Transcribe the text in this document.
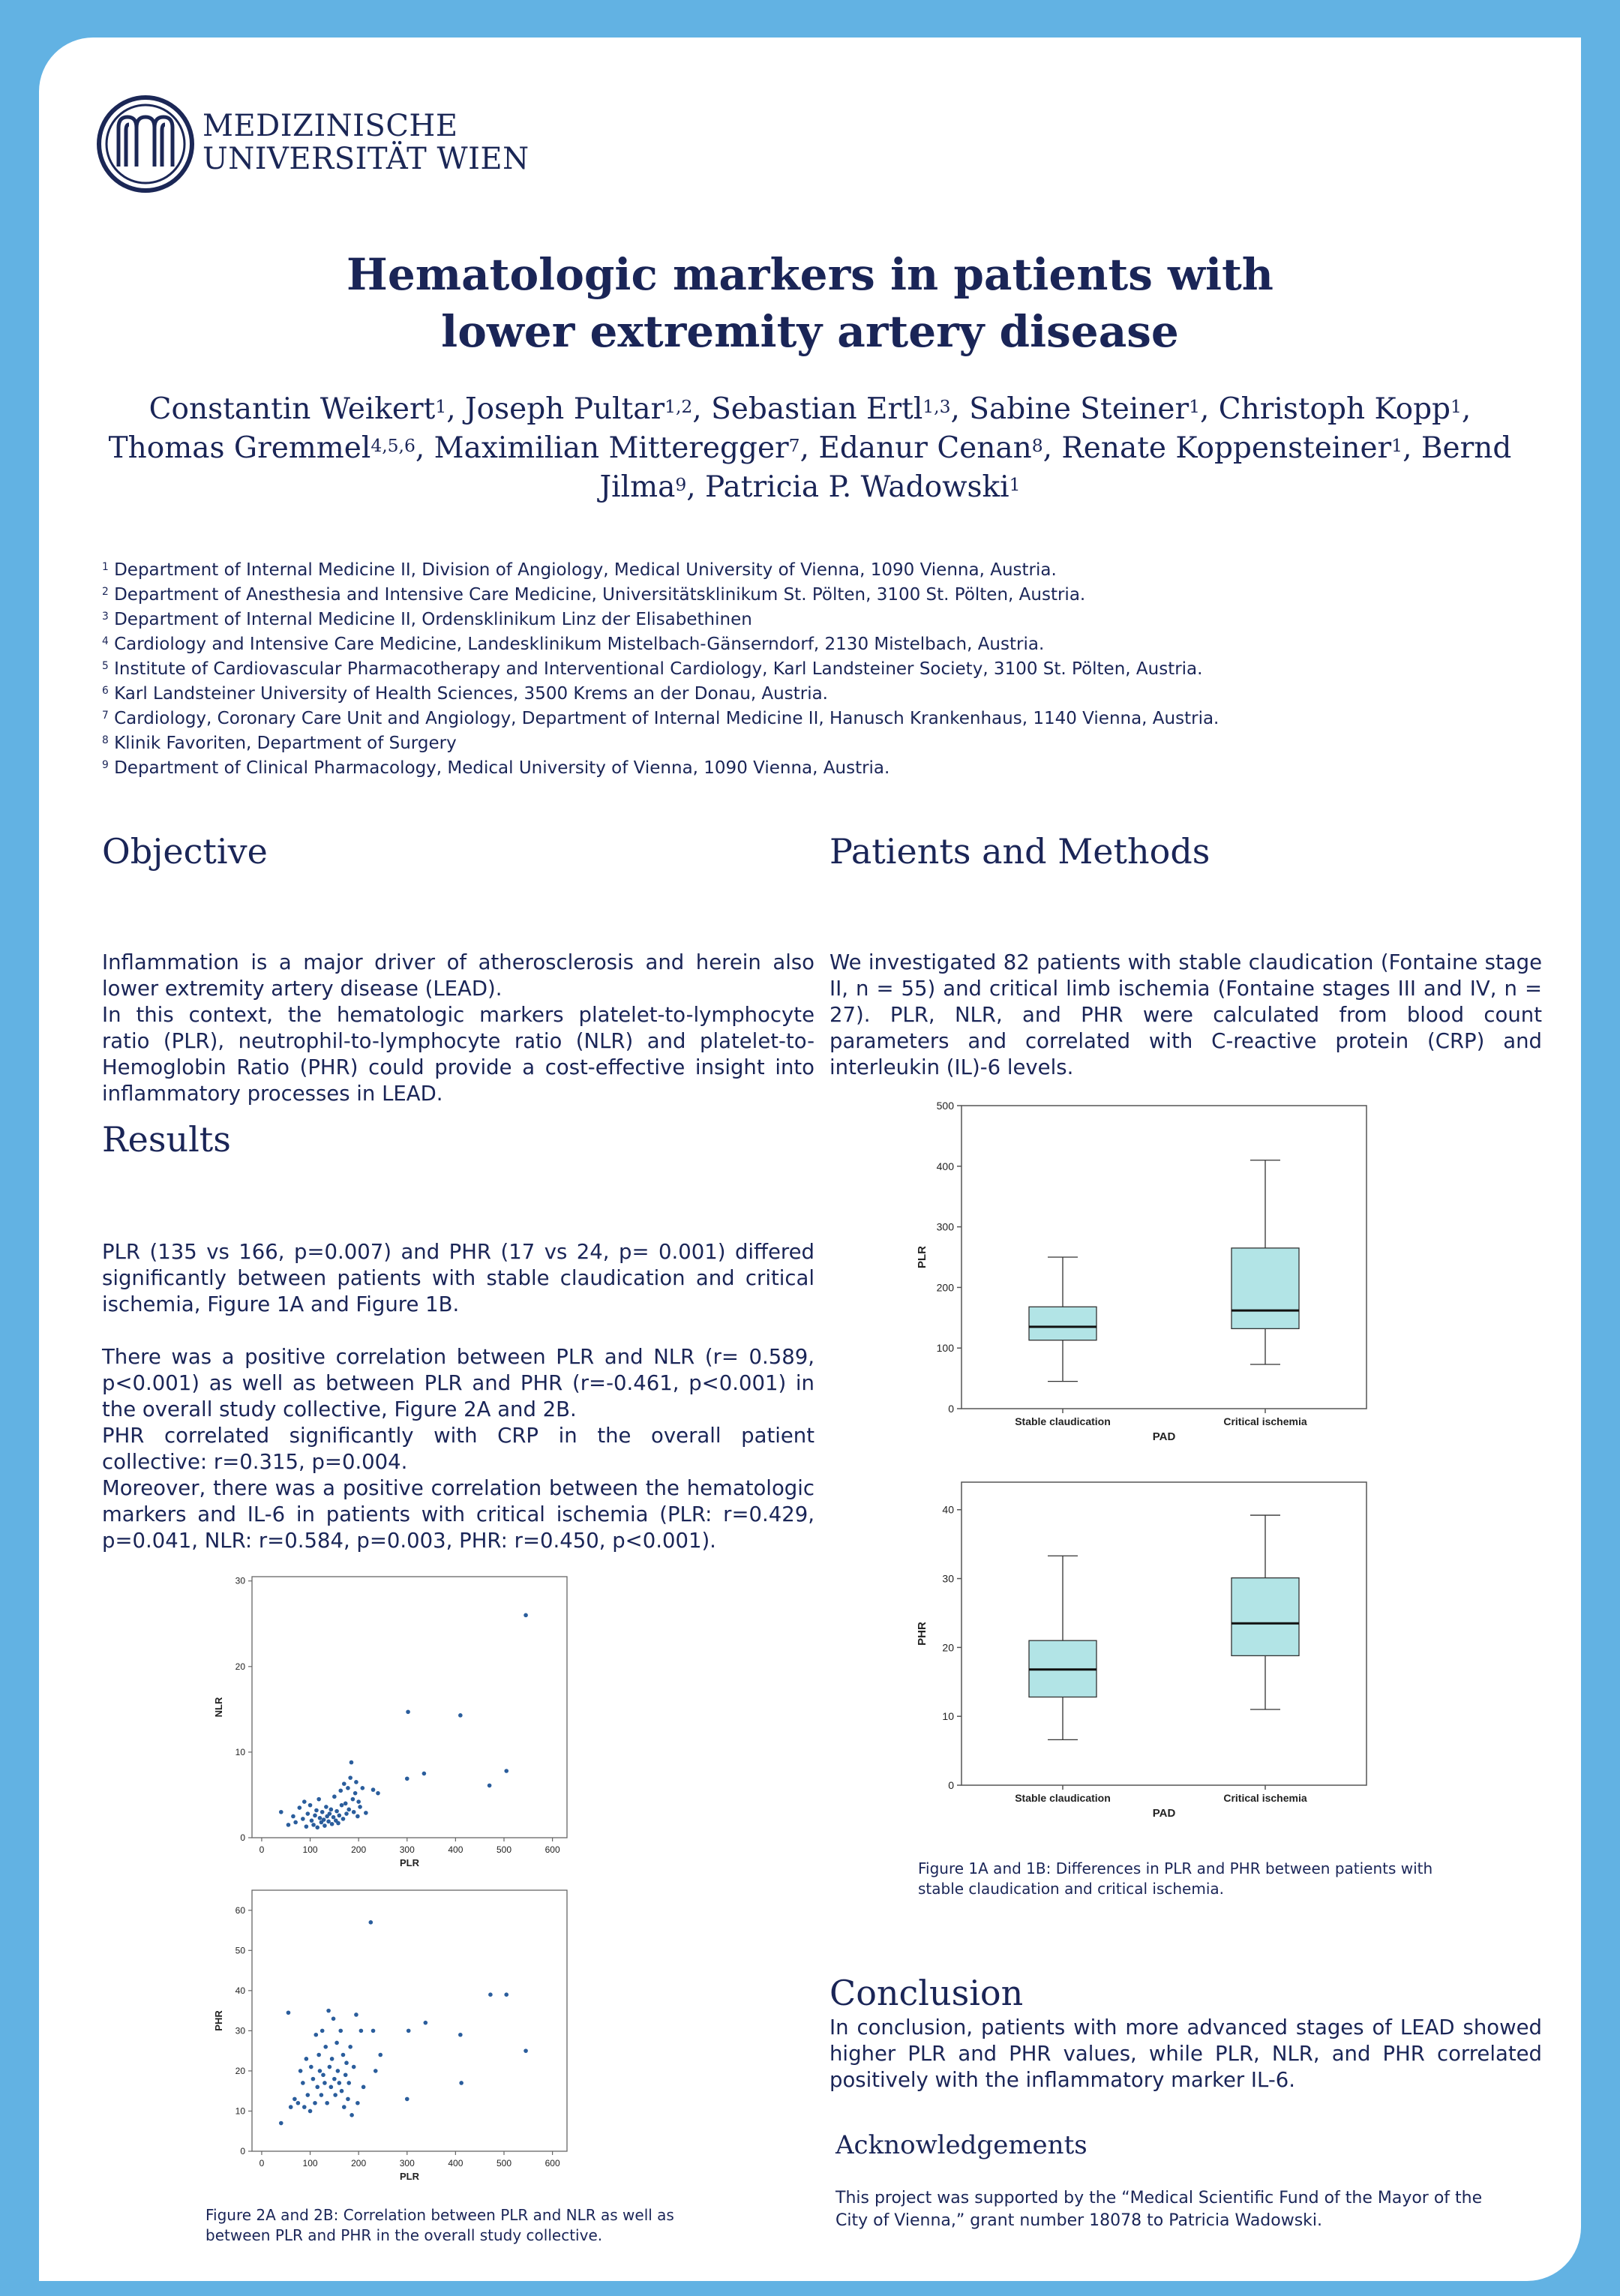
MEDIZINISCHE
UNIVERSITÄT WIEN
Hematologic markers in patients with
lower extremity artery disease
Constantin Weikert$^1$, Joseph Pultar$^{1,2}$, Sebastian Ertl$^{1,3}$, Sabine Steiner$^1$, Christoph Kopp$^1$, Thomas Gremmel$^{4,5,6}$, Maximilian Mitteregger$^7$, Edanur Cenan$^8$, Renate Koppensteiner$^1$, Bernd Jilma$^9$, Patricia P. Wadowski$^1$
$^1$ Department of Internal Medicine II, Division of Angiology, Medical University of Vienna, 1090 Vienna, Austria.
$^2$ Department of Anesthesia and Intensive Care Medicine, Universitätsklinikum St. Pölten, 3100 St. Pölten, Austria.
$^3$ Department of Internal Medicine II, Ordensklinikum Linz der Elisabethinen
$^4$ Cardiology and Intensive Care Medicine, Landesklinikum Mistelbach-Gänserndorf, 2130 Mistelbach, Austria.
$^5$ Institute of Cardiovascular Pharmacotherapy and Interventional Cardiology, Karl Landsteiner Society, 3100 St. Pölten, Austria.
$^6$ Karl Landsteiner University of Health Sciences, 3500 Krems an der Donau, Austria.
$^7$ Cardiology, Coronary Care Unit and Angiology, Department of Internal Medicine II, Hanusch Krankenhaus, 1140 Vienna, Austria.
$^8$ Klinik Favoriten, Department of Surgery
$^9$ Department of Clinical Pharmacology, Medical University of Vienna, 1090 Vienna, Austria.
Objective
Inflammation is a major driver of atherosclerosis and herein also lower extremity artery disease (LEAD).
In this context, the hematologic markers platelet-to-lymphocyte ratio (PLR), neutrophil-to-lymphocyte ratio (NLR) and platelet-to-Hemoglobin Ratio (PHR) could provide a cost-effective insight into inflammatory processes in LEAD.
Patients and Methods
We investigated 82 patients with stable claudication (Fontaine stage II, n = 55) and critical limb ischemia (Fontaine stages III and IV, n = 27). PLR, NLR, and PHR were calculated from blood count parameters and correlated with C-reactive protein (CRP) and interleukin (IL)-6 levels.
Results
PLR (135 vs 166, p=0.007) and PHR (17 vs 24, p= 0.001) differed significantly between patients with stable claudication and critical ischemia, Figure 1A and Figure 1B.
There was a positive correlation between PLR and NLR (r= 0.589, p<0.001) as well as between PLR and PHR (r=-0.461, p<0.001) in the overall study collective, Figure 2A and 2B.
PHR correlated significantly with CRP in the overall patient collective: r=0.315, p=0.004.
Moreover, there was a positive correlation between the hematologic markers and IL-6 in patients with critical ischemia (PLR: r=0.429, p=0.041, NLR: r=0.584, p=0.003, PHR: r=0.450, p<0.001).
0
100
200
300
400
500
Stable claudication	Critical ischemia
PAD
PLR
0
10
20
30
40
Stable claudication	Critical ischemia
PAD
PHR
Figure 1A and 1B: Differences in PLR and PHR between patients with stable claudication and critical ischemia.
0
10
20
30
0	100	200	300	400	500	600
PLR
NLR
0
10
20
30
40
50
60
0	100	200	300	400	500	600
PLR
PHR
Figure 2A and 2B: Correlation between PLR and NLR as well as between PLR and PHR in the overall study collective.
Conclusion
In conclusion, patients with more advanced stages of LEAD showed higher PLR and PHR values, while PLR, NLR, and PHR correlated positively with the inflammatory marker IL-6.
Acknowledgements
This project was supported by the “Medical Scientific Fund of the Mayor of the City of Vienna,” grant number 18078 to Patricia Wadowski.
